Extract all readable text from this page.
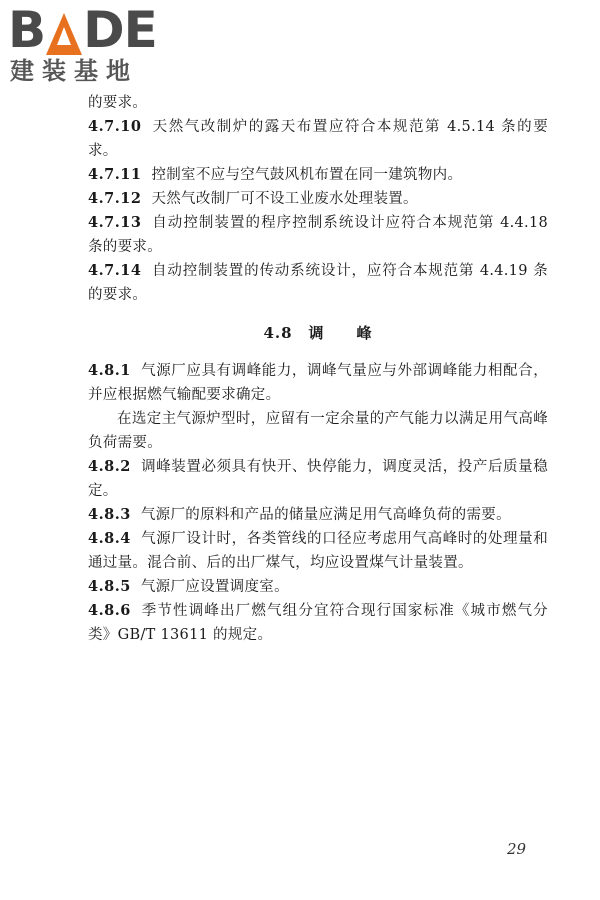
B DE
建装基地

的要求。

4.7.10 天然气改制炉的露天布置应符合本规范第 4.5.14 条的要求。

4.7.11 控制室不应与空气鼓风机布置在同一建筑物内。

4.7.12 天然气改制厂可不设工业废水处理装置。

4.7.13 自动控制装置的程序控制系统设计应符合本规范第 4.4.18 条的要求。

4.7.14 自动控制装置的传动系统设计，应符合本规范第 4.4.19 条的要求。

4.8　调　　峰

4.8.1 气源厂应具有调峰能力，调峰气量应与外部调峰能力相配合，并应根据燃气输配要求确定。

在选定主气源炉型时，应留有一定余量的产气能力以满足用气高峰负荷需要。

4.8.2 调峰装置必须具有快开、快停能力，调度灵活，投产后质量稳定。

4.8.3 气源厂的原料和产品的储量应满足用气高峰负荷的需要。

4.8.4 气源厂设计时，各类管线的口径应考虑用气高峰时的处理量和通过量。混合前、后的出厂煤气，均应设置煤气计量装置。

4.8.5 气源厂应设置调度室。

4.8.6 季节性调峰出厂燃气组分宜符合现行国家标准《城市燃气分类》GB/T 13611 的规定。

29
